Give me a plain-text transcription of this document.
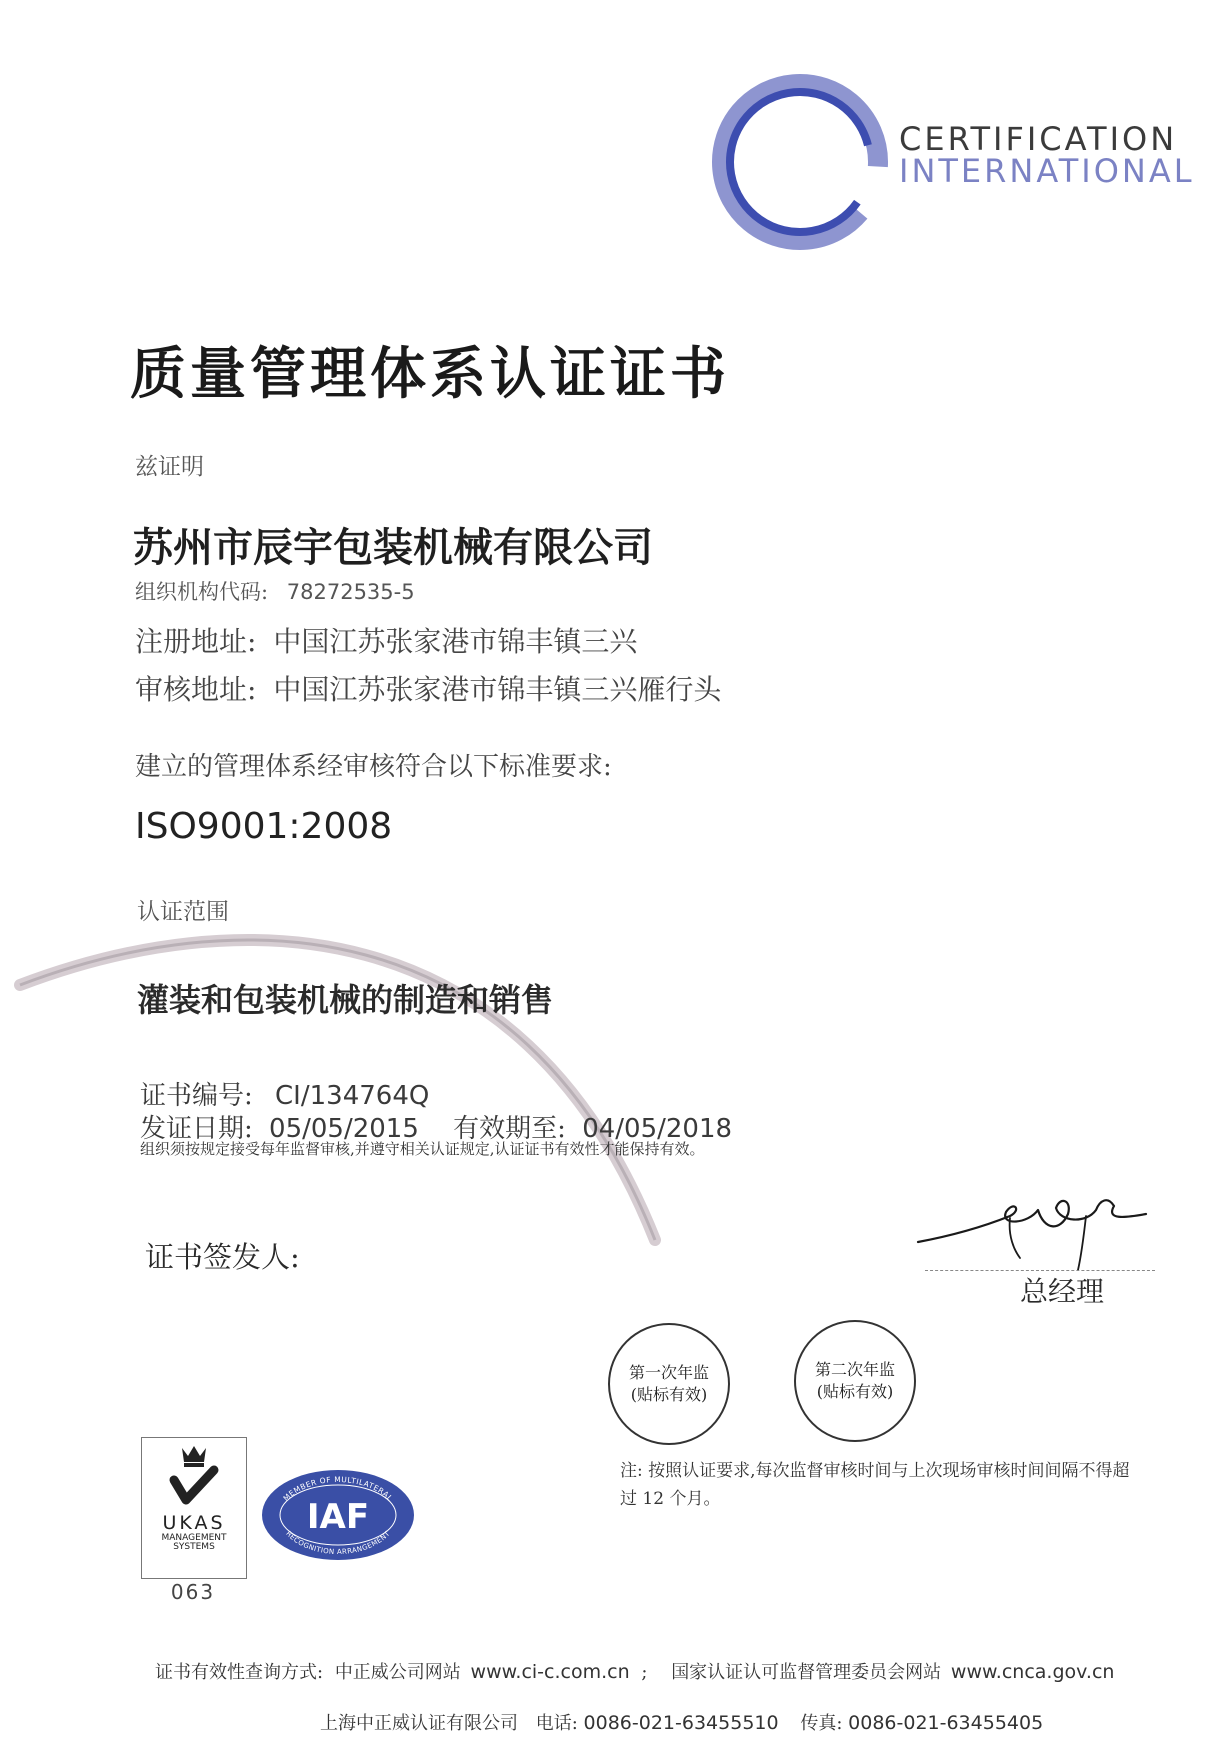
CERTIFICATION
INTERNATIONAL
质量管理体系认证证书
兹证明
苏州市辰宇包装机械有限公司
组织机构代码: 78272535-5
注册地址: 中国江苏张家港市锦丰镇三兴
审核地址: 中国江苏张家港市锦丰镇三兴雁行头
建立的管理体系经审核符合以下标准要求:
ISO9001:2008
认证范围
灌装和包装机械的制造和销售
证书编号: CI/134764Q
发证日期: 05/05/2015 有效期至: 04/05/2018
组织须按规定接受每年监督审核,并遵守相关认证规定,认证证书有效性才能保持有效。
证书签发人:
总经理
第一次年监
(贴标有效)
第二次年监
(贴标有效)
注: 按照认证要求,每次监督审核时间与上次现场审核时间间隔不得超过 12 个月。
UKAS
MANAGEMENT
SYSTEMS
063
MEMBER OF MULTILATERAL
RECOGNITION ARRANGEMENT
IAF
证书有效性查询方式: 中正威公司网站 www.ci-c.com.cn ; 国家认证认可监督管理委员会网站 www.cnca.gov.cn
上海中正威认证有限公司 电话: 0086-021-63455510 传真: 0086-021-63455405
